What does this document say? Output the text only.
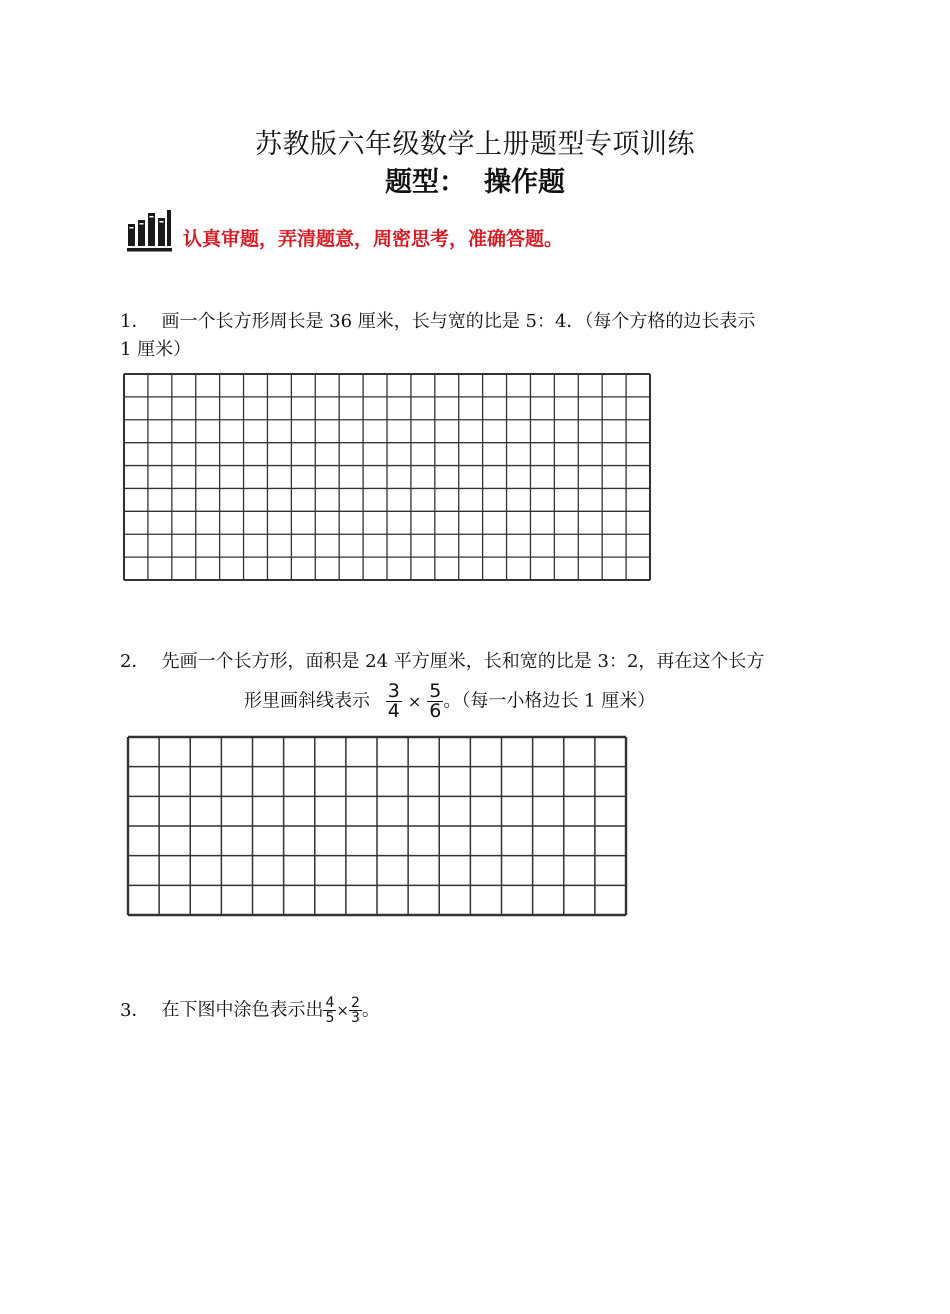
苏教版六年级数学上册题型专项训练
题型： 操作题
认真审题，弄清题意，周密思考，准确答题。
1． 画一个长方形周长是 36 厘米，长与宽的比是 5：4．（每个方格的边长表示
1 厘米）
2． 先画一个长方形，面积是 24 平方厘米，长和宽的比是 3：2，再在这个长方
形里画斜线表示 $\frac{3}{4} \times \frac{5}{6}$ 。（每一小格边长 1 厘米）
3． 在下图中涂色表示出 $\frac{4}{5} \times \frac{2}{3}$ 。
